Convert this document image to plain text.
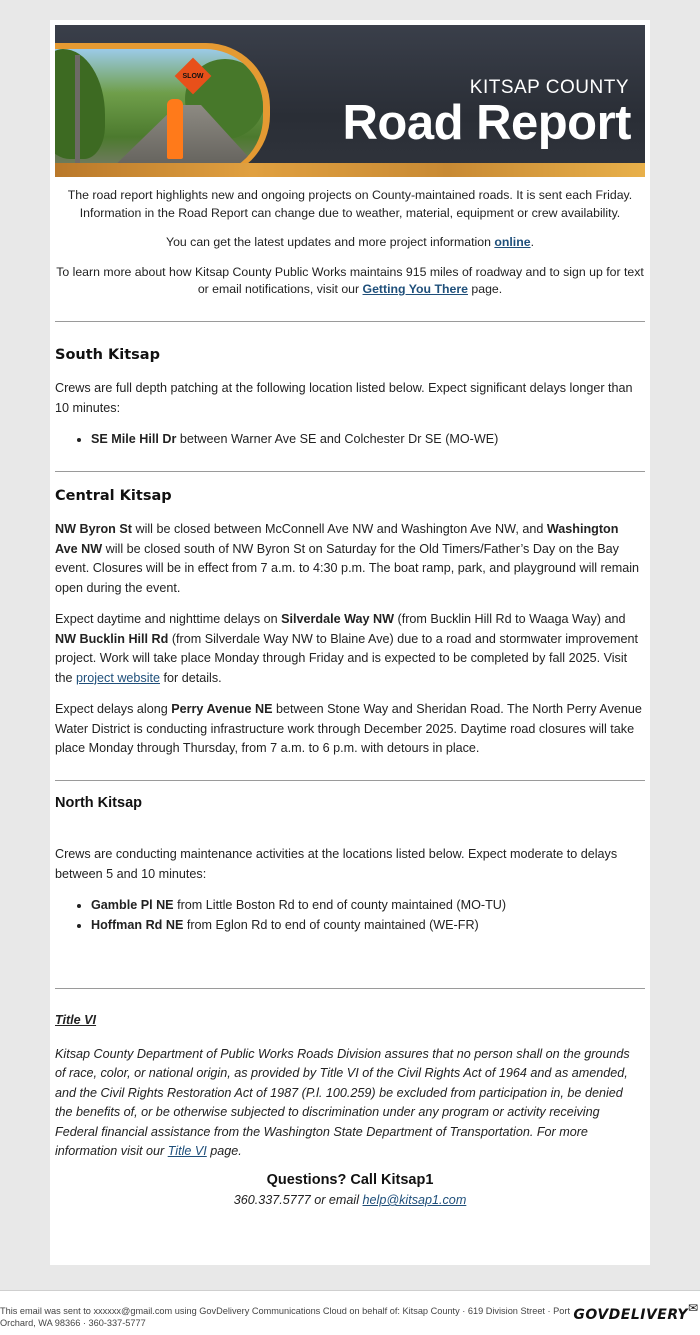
SLOW
KITSAP COUNTY
Road Report

The road report highlights new and ongoing projects on County-maintained roads. It is sent each Friday. Information in the Road Report can change due to weather, material, equipment or crew availability.

You can get the latest updates and more project information online.

To learn more about how Kitsap County Public Works maintains 915 miles of roadway and to sign up for text or email notifications, visit our Getting You There page.

South Kitsap

Crews are full depth patching at the following location listed below. Expect significant delays longer than 10 minutes:

• SE Mile Hill Dr between Warner Ave SE and Colchester Dr SE (MO-WE)
Central Kitsap

NW Byron St will be closed between McConnell Ave NW and Washington Ave NW, and Washington Ave NW will be closed south of NW Byron St on Saturday for the Old Timers/Father’s Day on the Bay event. Closures will be in effect from 7 a.m. to 4:30 p.m. The boat ramp, park, and playground will remain open during the event.

Expect daytime and nighttime delays on Silverdale Way NW (from Bucklin Hill Rd to Waaga Way) and NW Bucklin Hill Rd (from Silverdale Way NW to Blaine Ave) due to a road and stormwater improvement project. Work will take place Monday through Friday and is expected to be completed by fall 2025. Visit the project website for details.

Expect delays along Perry Avenue NE between Stone Way and Sheridan Road. The North Perry Avenue Water District is conducting infrastructure work through December 2025. Daytime road closures will take place Monday through Thursday, from 7 a.m. to 6 p.m. with detours in place.

North Kitsap

Crews are conducting maintenance activities at the locations listed below. Expect moderate to delays between 5 and 10 minutes:

• Gamble Pl NE from Little Boston Rd to end of county maintained (MO-TU)
• Hoffman Rd NE from Eglon Rd to end of county maintained (WE-FR)

Title VI

Kitsap County Department of Public Works Roads Division assures that no person shall on the grounds of race, color, or national origin, as provided by Title VI of the Civil Rights Act of 1964 and as amended, and the Civil Rights Restoration Act of 1987 (P.l. 100.259) be excluded from participation in, be denied the benefits of, or be otherwise subjected to discrimination under any program or activity receiving Federal financial assistance from the Washington State Department of Transportation. For more information visit our Title VI page.

Questions? Call Kitsap1
360.337.5777 or email help@kitsap1.com
This email was sent to xxxxxx@gmail.com using GovDelivery Communications Cloud on behalf of: Kitsap County · 619 Division Street · Port Orchard, WA 98366 · 360-337-5777
✉
GOVDELIVERY
